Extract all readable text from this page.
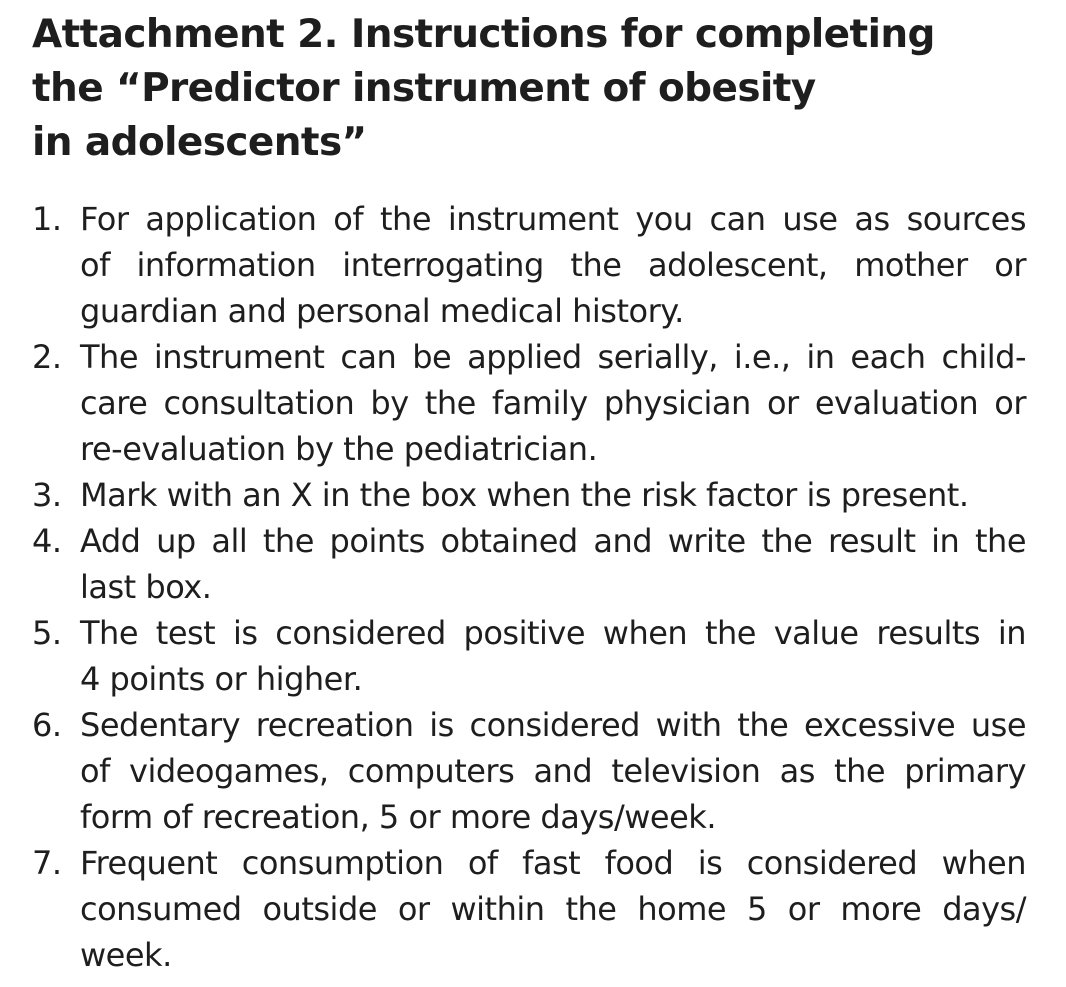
Attachment 2. Instructions for completing
the “Predictor instrument of obesity
in adolescents”
1. For application of the instrument you can use as sources
of information interrogating the adolescent, mother or
guardian and personal medical history.
2. The instrument can be applied serially, i.e., in each child-
care consultation by the family physician or evaluation or
re-evaluation by the pediatrician.
3. Mark with an X in the box when the risk factor is present.
4. Add up all the points obtained and write the result in the
last box.
5. The test is considered positive when the value results in
4 points or higher.
6. Sedentary recreation is considered with the excessive use
of videogames, computers and television as the primary
form of recreation, 5 or more days/week.
7. Frequent consumption of fast food is considered when
consumed outside or within the home 5 or more days/
week.
